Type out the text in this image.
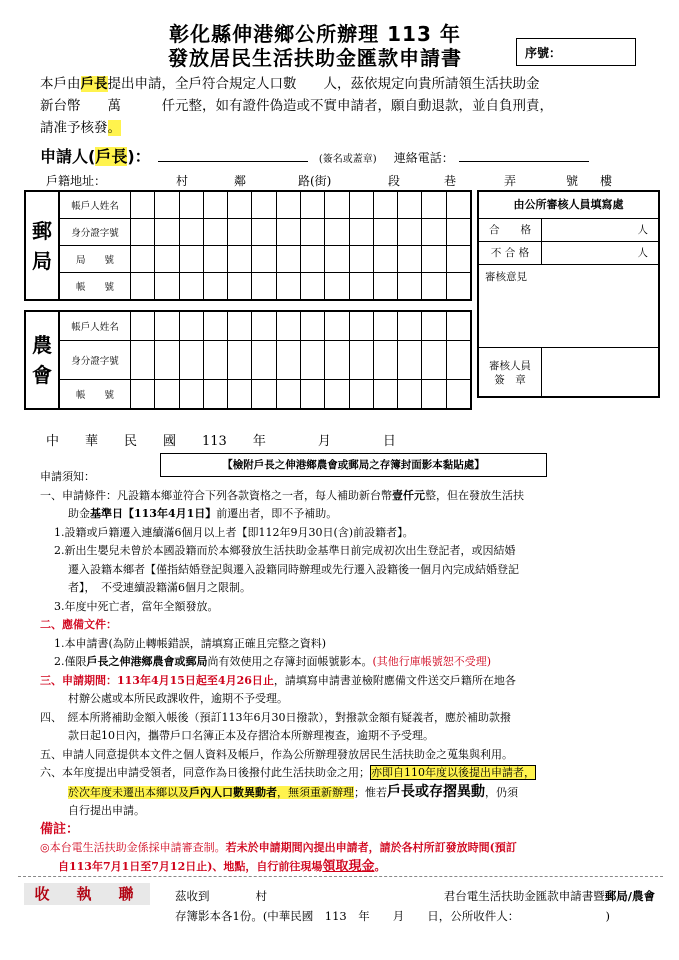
彰化縣伸港鄉公所辦理 113 年
發放居民生活扶助金匯款申請書	序號：
本戶由戶長提出申請，全戶符合規定人口數　　人，茲依規定向貴所請領生活扶助金
新台幣　　萬　　　仟元整，如有證件偽造或不實申請者，願自動退款，並自負刑責，
請准予核發。
申請人(戶長)：	(簽名或蓋章) 連絡電話：
戶籍地址：	村	鄰	路(街)	段	巷	弄	號	樓
郵
局
帳戶人姓名
身分證字號
局　　號
帳　　號
農
會
帳戶人姓名
身分證字號
帳　　號
由公所審核人員填寫處
合　　格	人
不 合 格	人
審核意見
審核人員
簽　章
中　　華　　民　　國　　113　　年　　　　月　　　　日
【檢附戶長之伸港鄉農會或郵局之存簿封面影本黏貼處】
申請須知：
一、申請條件：凡設籍本鄉並符合下列各款資格之一者，每人補助新台幣壹仟元整，但在發放生活扶
助金基準日【113年4月1日】前遷出者，即不予補助。
1.設籍或戶籍遷入連續滿6個月以上者【即112年9月30日(含)前設籍者】。
2.新出生嬰兒未曾於本國設籍而於本鄉發放生活扶助金基準日前完成初次出生登記者，或因結婚
遷入設籍本鄉者【僅指結婚登記與遷入設籍同時辦理或先行遷入設籍後一個月內完成結婚登記
者】，　不受連續設籍滿6個月之限制。
3.年度中死亡者，當年全額發放。
二、應備文件：
1.本申請書(為防止轉帳錯誤，請填寫正確且完整之資料)
2.僅限戶長之伸港鄉農會或郵局尚有效使用之存簿封面帳號影本。(其他行庫帳號恕不受理)
三、申請期間：113年4月15日起至4月26日止，請填寫申請書並檢附應備文件送交戶籍所在地各
村辦公處或本所民政課收件，逾期不予受理。
四、　經本所將補助金額入帳後（預訂113年6月30日撥款），對撥款金額有疑義者，應於補助款撥
款日起10日內，攜帶戶口名簿正本及存摺洽本所辦理複查，逾期不予受理。
五、申請人同意提供本文件之個人資料及帳戶，作為公所辦理發放居民生活扶助金之蒐集與利用。
六、本年度提出申請受領者，同意作為日後撥付此生活扶助金之用；亦即自110年度以後提出申請者，
於次年度未遷出本鄉以及戶內人口數異動者，無須重新辦理；惟若戶長或存摺異動，仍須
自行提出申請。
備註：
◎本台電生活扶助金係採申請審查制。若未於申請期間內提出申請者，請於各村所訂發放時間(預訂
自113年7月1日至7月12日止)、地點，自行前往現場領取現金。
收　執　聯	茲收到　　　　村	君台電生活扶助金匯款申請書暨郵局/農會
存簿影本各1份。(中華民國　113　年　　月　　日，公所收件人：　　　　　　　　)
